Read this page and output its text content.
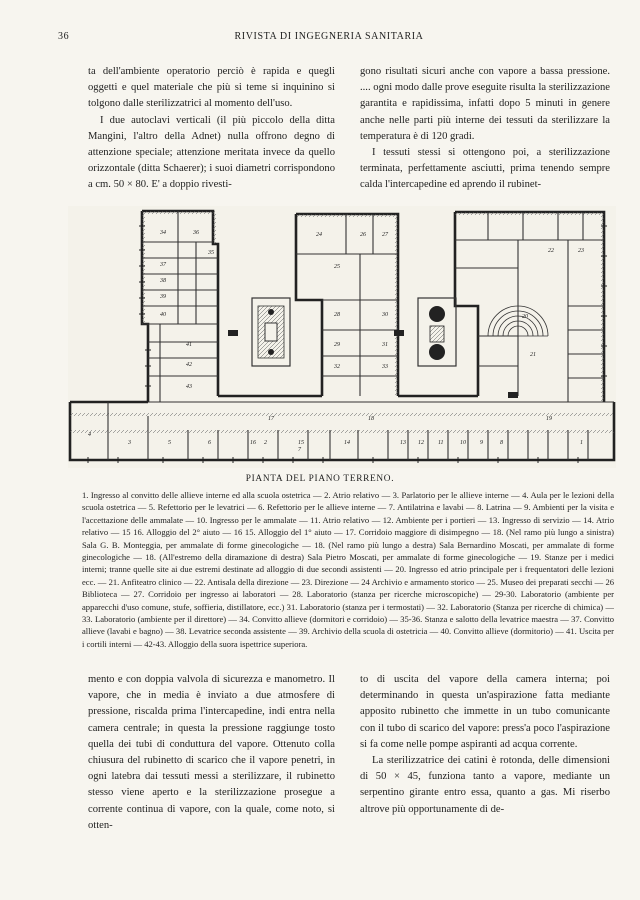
36	RIVISTA DI INGEGNERIA SANITARIA

ta dell'ambiente operatorio perciò è rapida e quegli oggetti e quel materiale che più si teme si inquinino si tolgono dalle sterilizzatrici al momento dell'uso.

I due autoclavi verticali (il più piccolo della ditta Mangini, l'altro della Adnet) nulla offrono degno di attenzione speciale; attenzione meritata invece da quello orizzontale (ditta Schaerer); i suoi diametri corrispondono a cm. 50 × 80. E' a doppio rivesti-

gono risultati sicuri anche con vapore a bassa pressione. .... ogni modo dalle prove eseguite risulta la sterilizzazione garantita e rapidissima, infatti dopo 5 minuti in genere anche nelle parti più interne dei tessuti da sterilizzare la temperatura è di 120 gradi.

I tessuti stessi si ottengono poi, a sterilizzazione terminata, perfettamente asciutti, prima tenendo sempre calda l'intercapedine ed aprendo il rubinet-

34	36
35
37
38
39
40
41
42
43
24
25
26	27
28
29
30
31
32	33
20
21
22	23
19
18
17
16	15	14	13 12 11	10 9	8
7
6
5
4
3	2	1
PIANTA DEL PIANO TERRENO.

1. Ingresso al convitto delle allieve interne ed alla scuola ostetrica — 2. Atrio relativo — 3. Parlatorio per le allieve interne — 4. Aula per le lezioni della scuola ostetrica — 5. Refettorio per le levatrici — 6. Refettorio per le allieve interne — 7. Antilatrina e lavabi — 8. Latrina — 9. Ambienti per la visita e l'accettazione delle ammalate — 10. Ingresso per le ammalate — 11. Atrio relativo — 12. Ambiente per i portieri — 13. Ingresso di servizio — 14. Atrio relativo — 15 16. Alloggio del 2° aiuto — 16 15. Alloggio del 1° aiuto — 17. Corridoio maggiore di disimpegno — 18. (Nel ramo più lungo a sinistra) Sala G. B. Monteggia, per ammalate di forme ginecologiche — 18. (Nel ramo più lungo a destra) Sala Bernardino Moscati, per ammalate di forme ginecologiche — 18. (All'estremo della diramazione di destra) Sala Pietro Moscati, per ammalate di forme ginecologiche — 19. Stanze per i medici interni; tranne quelle site ai due estremi destinate ad alloggio di due secondi assistenti — 20. Ingresso ed atrio principale per i frequentatori delle lezioni ecc. — 21. Anfiteatro clinico — 22. Antisala della direzione — 23. Direzione — 24 Archivio e armamento storico — 25. Museo dei preparati secchi — 26 Biblioteca — 27. Corridoio per ingresso ai laboratori — 28. Laboratorio (stanza per ricerche microscopiche) — 29-30. Laboratorio (ambiente per apparecchi d'uso comune, stufe, soffieria, distillatore, ecc.) 31. Laboratorio (stanza per i termostati) — 32. Laboratorio (Stanza per ricerche di chimica) — 33. Laboratorio (ambiente per il direttore) — 34. Convitto allieve (dormitori e corridoio) — 35-36. Stanza e salotto della levatrice maestra — 37. Convitto allieve (lavabi e bagno) — 38. Levatrice seconda assistente — 39. Archivio della scuola di ostetricia — 40. Convitto allieve (dormitorio) — 41. Uscita per i cortili interni — 42-43. Alloggio della suora ispettrice superiora.

mento e con doppia valvola di sicurezza e manometro. Il vapore, che in media è inviato a due atmosfere di pressione, riscalda prima l'intercapedine, indi entra nella camera centrale; in questa la pressione raggiunge tosto quella dei tubi di conduttura del vapore. Ottenuto colla chiusura del rubinetto di scarico che il vapore penetri, in ogni latebra dai tessuti messi a sterilizzare, il rubinetto stesso viene aperto e la sterilizzazione prosegue a corrente continua di vapore, con la quale, come noto, si otten-

to di uscita del vapore della camera interna; poi determinando in questa un'aspirazione fatta mediante apposito rubinetto che immette in un tubo comunicante con il tubo di scarico del vapore: press'a poco l'aspirazione si fa come nelle pompe aspiranti ad acqua corrente.

La sterilizzatrice dei catini è rotonda, delle dimensioni di 50 × 45, funziona tanto a vapore, mediante un serpentino girante entro essa, quanto a gas. Mi riserbo altrove più opportunamente di de-
